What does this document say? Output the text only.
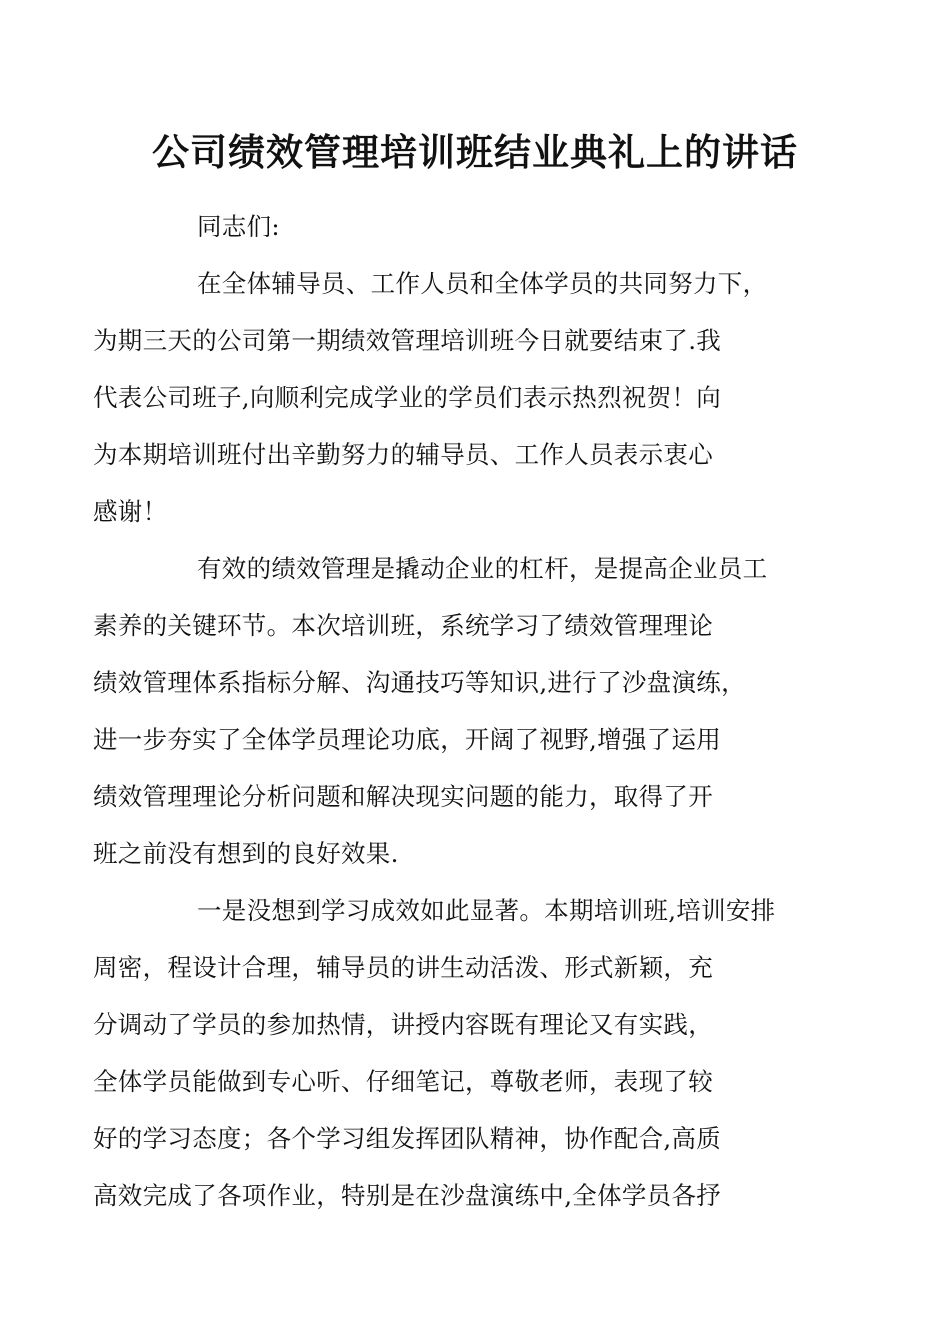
公司绩效管理培训班结业典礼上的讲话

同志们:

在全体辅导员、工作人员和全体学员的共同努力下，
为期三天的公司第一期绩效管理培训班今日就要结束了.我
代表公司班子,向顺利完成学业的学员们表示热烈祝贺！向
为本期培训班付出辛勤努力的辅导员、工作人员表示衷心
感谢！

有效的绩效管理是撬动企业的杠杆，是提高企业员工
素养的关键环节。本次培训班，系统学习了绩效管理理论
绩效管理体系指标分解、沟通技巧等知识,进行了沙盘演练，
进一步夯实了全体学员理论功底，开阔了视野,增强了运用
绩效管理理论分析问题和解决现实问题的能力，取得了开
班之前没有想到的良好效果.

一是没想到学习成效如此显著。本期培训班,培训安排
周密，程设计合理，辅导员的讲生动活泼、形式新颖，充
分调动了学员的参加热情，讲授内容既有理论又有实践，
全体学员能做到专心听、仔细笔记，尊敬老师，表现了较
好的学习态度；各个学习组发挥团队精神，协作配合,高质
高效完成了各项作业，特别是在沙盘演练中,全体学员各抒
